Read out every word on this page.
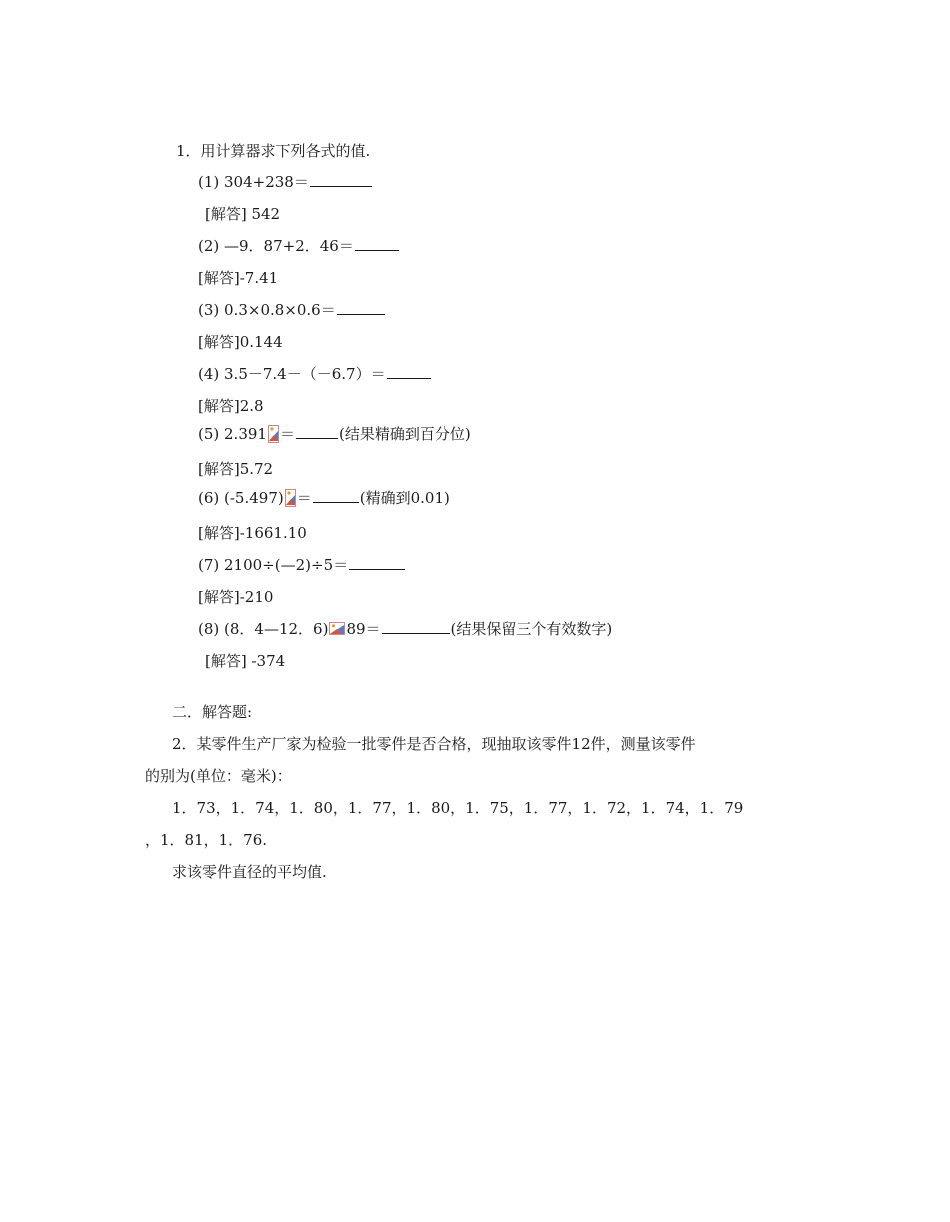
1．用计算器求下列各式的值.
(1) 304+238＝
[解答] 542
(2) —9．87+2．46＝
[解答]-7.41
(3) 0.3×0.8×0.6＝
[解答]0.144
(4) 3.5－7.4－（－6.7）＝
[解答]2.8
(5) 2.391 ＝	(结果精确到百分位)
[解答]5.72
(6) (-5.497) ＝	(精确到0.01)
[解答]-1661.10
(7) 2100÷(—2)÷5＝
[解答]-210
(8) (8．4—12．6) 89＝	(结果保留三个有效数字)
[解答] -374
二．解答题:
2．某零件生产厂家为检验一批零件是否合格，现抽取该零件12件，测量该零件
的别为(单位：毫米)：
1．73，1．74，1．80，1．77，1．80，1．75，1．77，1．72，1．74，1．79
，1．81，1．76.
求该零件直径的平均值.
